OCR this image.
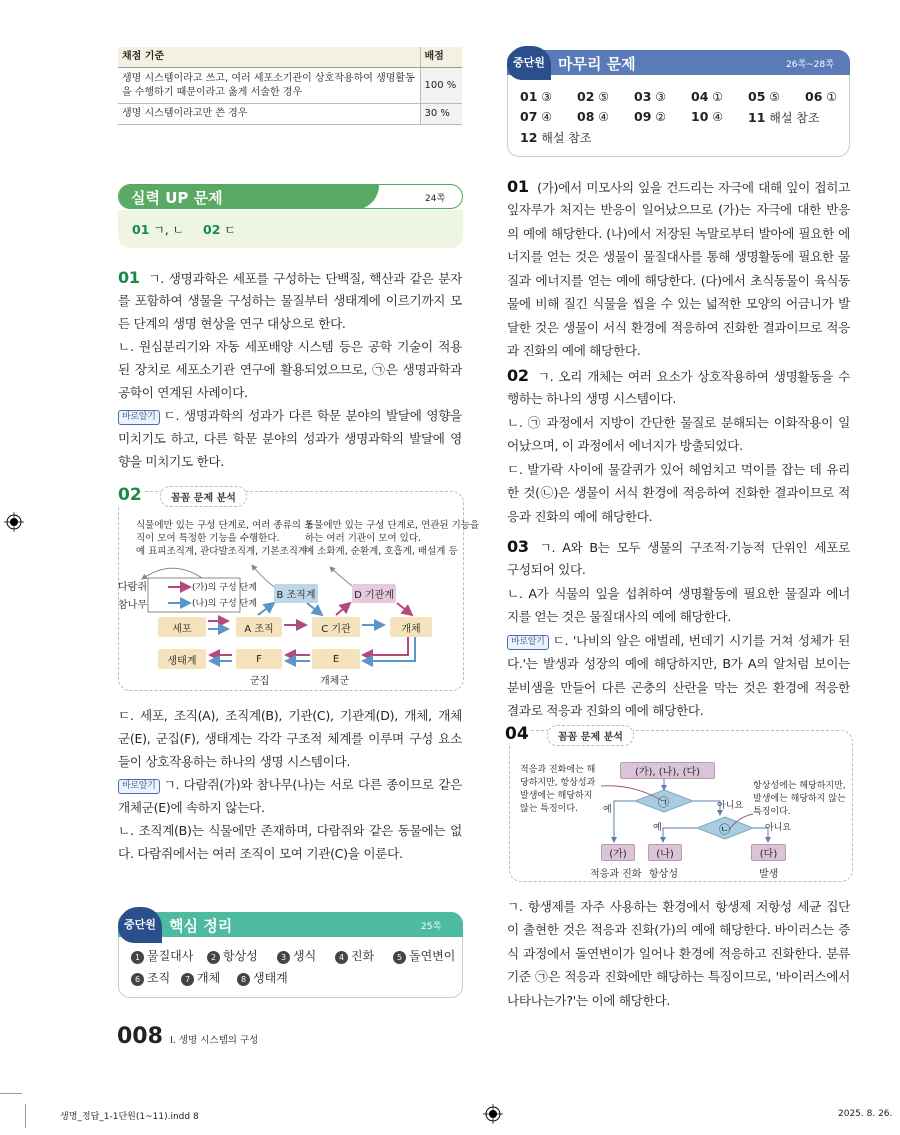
채점 기준	배점
생명 시스템이라고 쓰고, 여러 세포소기관이 상호작용하여 생명활동을 수행하기 때문이라고 옳게 서술한 경우	100 %
생명 시스템이라고만 쓴 경우	30 %
실력 UP 문제	24쪽
01 ㄱ, ㄴ 02 ㄷ
01 ㄱ. 생명과학은 세포를 구성하는 단백질, 핵산과 같은 분자
를 포함하여 생물을 구성하는 물질부터 생태계에 이르기까지 모
든 단계의 생명 현상을 연구 대상으로 한다.
ㄴ. 원심분리기와 자동 세포배양 시스템 등은 공학 기술이 적용
된 장치로 세포소기관 연구에 활용되었으므로, ㉠은 생명과학과
공학이 연계된 사례이다.
바로알기 ㄷ. 생명과학의 성과가 다른 학문 분야의 발달에 영향을
미치기도 하고, 다른 학문 분야의 성과가 생명과학의 발달에 영
향을 미치기도 한다.
ㄷ. 세포, 조직(A), 조직계(B), 기관(C), 기관계(D), 개체, 개체
군(E), 군집(F), 생태계는 각각 구조적 체계를 이루며 구성 요소
들이 상호작용하는 하나의 생명 시스템이다.
바로알기 ㄱ. 다람쥐(가)와 참나무(나)는 서로 다른 종이므로 같은
개체군(E)에 속하지 않는다.
ㄴ. 조직계(B)는 식물에만 존재하며, 다람쥐와 같은 동물에는 없
다. 다람쥐에서는 여러 조직이 모여 기관(C)을 이룬다.
01 (가)에서 미모사의 잎을 건드리는 자극에 대해 잎이 접히고
잎자루가 처지는 반응이 일어났으므로 (가)는 자극에 대한 반응
의 예에 해당한다. (나)에서 저장된 녹말로부터 발아에 필요한 에
너지를 얻는 것은 생물이 물질대사를 통해 생명활동에 필요한 물
질과 에너지를 얻는 예에 해당한다. (다)에서 초식동물이 육식동
물에 비해 질긴 식물을 씹을 수 있는 넓적한 모양의 어금니가 발
달한 것은 생물이 서식 환경에 적응하여 진화한 결과이므로 적응
과 진화의 예에 해당한다.
02 ㄱ. 오리 개체는 여러 요소가 상호작용하여 생명활동을 수
행하는 하나의 생명 시스템이다.
ㄴ. ㉠ 과정에서 지방이 간단한 물질로 분해되는 이화작용이 일
어났으며, 이 과정에서 에너지가 방출되었다.
ㄷ. 발가락 사이에 물갈퀴가 있어 헤엄치고 먹이를 잡는 데 유리
한 것(㉡)은 생물이 서식 환경에 적응하여 진화한 결과이므로 적
응과 진화의 예에 해당한다.
03 ㄱ. A와 B는 모두 생물의 구조적·기능적 단위인 세포로
구성되어 있다.
ㄴ. A가 식물의 잎을 섭취하여 생명활동에 필요한 물질과 에너
지를 얻는 것은 물질대사의 예에 해당한다.
바로알기 ㄷ. '나비의 알은 애벌레, 번데기 시기를 거쳐 성체가 된
다.'는 발생과 성장의 예에 해당하지만, B가 A의 알처럼 보이는
분비샘을 만들어 다른 곤충의 산란을 막는 것은 환경에 적응한
결과로 적응과 진화의 예에 해당한다.
ㄱ. 항생제를 자주 사용하는 환경에서 항생제 저항성 세균 집단
이 출현한 것은 적응과 진화(가)의 예에 해당한다. 바이러스는 증
식 과정에서 돌연변이가 일어나 환경에 적응하고 진화한다. 분류
기준 ㉠은 적응과 진화에만 해당하는 특징이므로, '바이러스에서
나타나는가?'는 이에 해당한다.
02	꼼꼼 문제 분석
식물에만 있는 구성 단계로, 여러 종류의 조
직이 모여 특정한 기능을 수행한다.
예 표피조직계, 관다발조직계, 기본조직계
동물에만 있는 구성 단계로, 연관된 기능을
하는 여러 기관이 모여 있다.
예 소화계, 순환계, 호흡계, 배설계 등
다람쥐
참나무
(가)의 구성 단계
(나)의 구성 단계
세포	A 조직
B 조직계
C 기관
D 기관계
개체
생태계	F	E
군집	개체군
중단원 핵심 정리	25쪽
1 물질대사	2 항상성	3 생식	4 진화	5 돌연변이
6 조직	7 개체	8 생태계
중단원 마무리 문제	26쪽~28쪽
01 ③ 02 ⑤ 03 ③ 04 ① 05 ⑤ 06 ①
07 ④ 08 ④ 09 ② 10 ④ 11 해설 참조
12 해설 참조
04	꼼꼼 문제 분석
(가), (나), (다)
㉠
㉡
적응과 진화에는 해
당하지만, 항상성과
발생에는 해당하지
않는 특징이다.
항상성에는 해당하지만,
발생에는 해당하지 않는
특징이다.
예	아니요
예	아니요
(가)	(나)	(다)
적응과 진화 항상성	발생
008 I. 생명 시스템의 구성
생명_정답_1-1단원(1~11).indd 8	2025. 8. 26.
